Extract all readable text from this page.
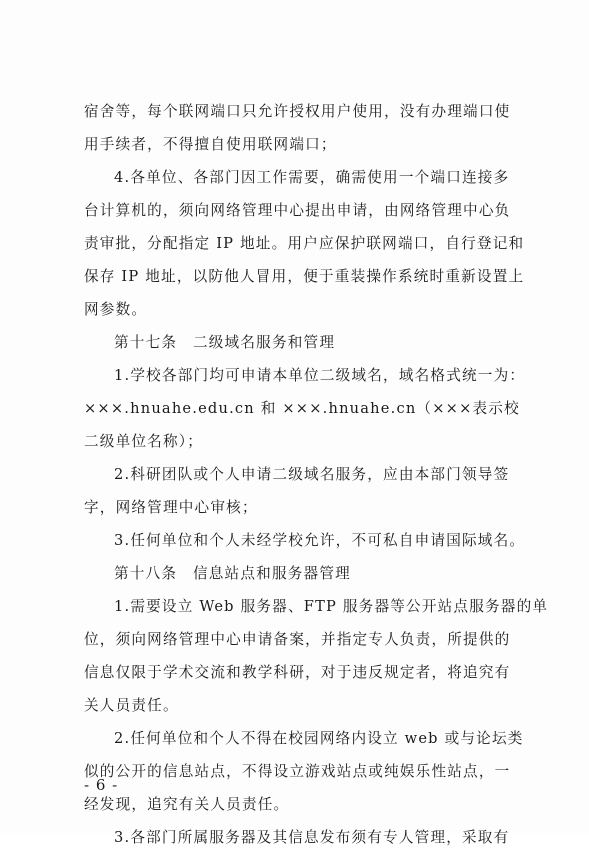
宿舍等，每个联网端口只允许授权用户使用，没有办理端口使
用手续者，不得擅自使用联网端口；
4.各单位、各部门因工作需要，确需使用一个端口连接多
台计算机的，须向网络管理中心提出申请，由网络管理中心负
责审批，分配指定 IP 地址。用户应保护联网端口，自行登记和
保存 IP 地址，以防他人冒用，便于重装操作系统时重新设置上
网参数。
第十七条　二级域名服务和管理
1.学校各部门均可申请本单位二级域名，域名格式统一为：
×××.hnuahe.edu.cn 和 ×××.hnuahe.cn（×××表示校
二级单位名称）；
2.科研团队或个人申请二级域名服务，应由本部门领导签
字，网络管理中心审核；
3.任何单位和个人未经学校允许，不可私自申请国际域名。
第十八条　信息站点和服务器管理
1.需要设立 Web 服务器、FTP 服务器等公开站点服务器的单
位，须向网络管理中心申请备案，并指定专人负责，所提供的
信息仅限于学术交流和教学科研，对于违反规定者，将追究有
关人员责任。
2.任何单位和个人不得在校园网络内设立 web 或与论坛类
似的公开的信息站点，不得设立游戏站点或纯娱乐性站点，一
经发现，追究有关人员责任。
3.各部门所属服务器及其信息发布须有专人管理，采取有
- 6 -
